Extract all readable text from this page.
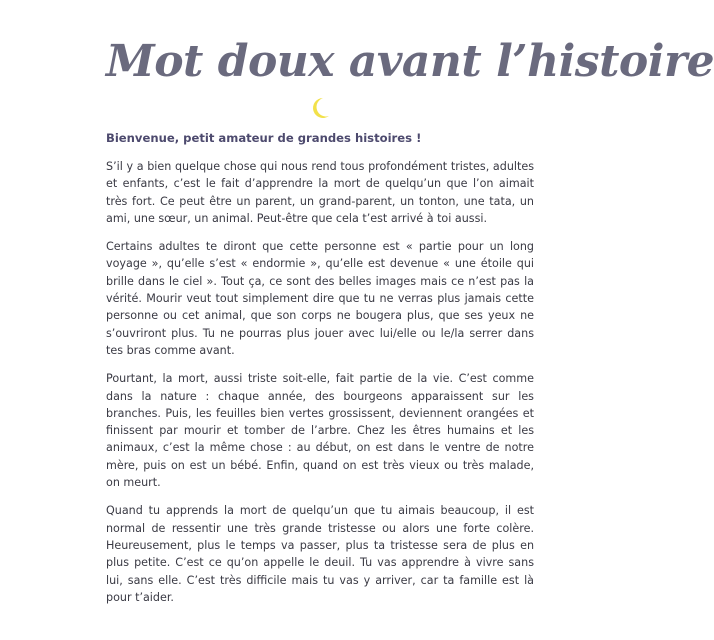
Mot doux avant l’histoire

Bienvenue, petit amateur de grandes histoires !

S’il y a bien quelque chose qui nous rend tous profondément tristes, adultes et enfants, c’est le fait d’apprendre la mort de quelqu’un que l’on aimait très fort. Ce peut être un parent, un grand-parent, un tonton, une tata, un ami, une sœur, un animal. Peut-être que cela t’est arrivé à toi aussi.

Certains adultes te diront que cette personne est « partie pour un long voyage », qu’elle s’est « endormie », qu’elle est devenue « une étoile qui brille dans le ciel ». Tout ça, ce sont des belles images mais ce n’est pas la vérité. Mourir veut tout simplement dire que tu ne verras plus jamais cette personne ou cet animal, que son corps ne bougera plus, que ses yeux ne s’ouvriront plus. Tu ne pourras plus jouer avec lui/elle ou le/la serrer dans tes bras comme avant.

Pourtant, la mort, aussi triste soit-elle, fait partie de la vie. C’est comme dans la nature : chaque année, des bourgeons apparaissent sur les branches. Puis, les feuilles bien vertes grossissent, deviennent orangées et finissent par mourir et tomber de l’arbre. Chez les êtres humains et les animaux, c’est la même chose : au début, on est dans le ventre de notre mère, puis on est un bébé. Enfin, quand on est très vieux ou très malade, on meurt.

Quand tu apprends la mort de quelqu’un que tu aimais beaucoup, il est normal de ressentir une très grande tristesse ou alors une forte colère. Heureusement, plus le temps va passer, plus ta tristesse sera de plus en plus petite. C’est ce qu’on appelle le deuil. Tu vas apprendre à vivre sans lui, sans elle. C’est très difficile mais tu vas y arriver, car ta famille est là pour t’aider.
